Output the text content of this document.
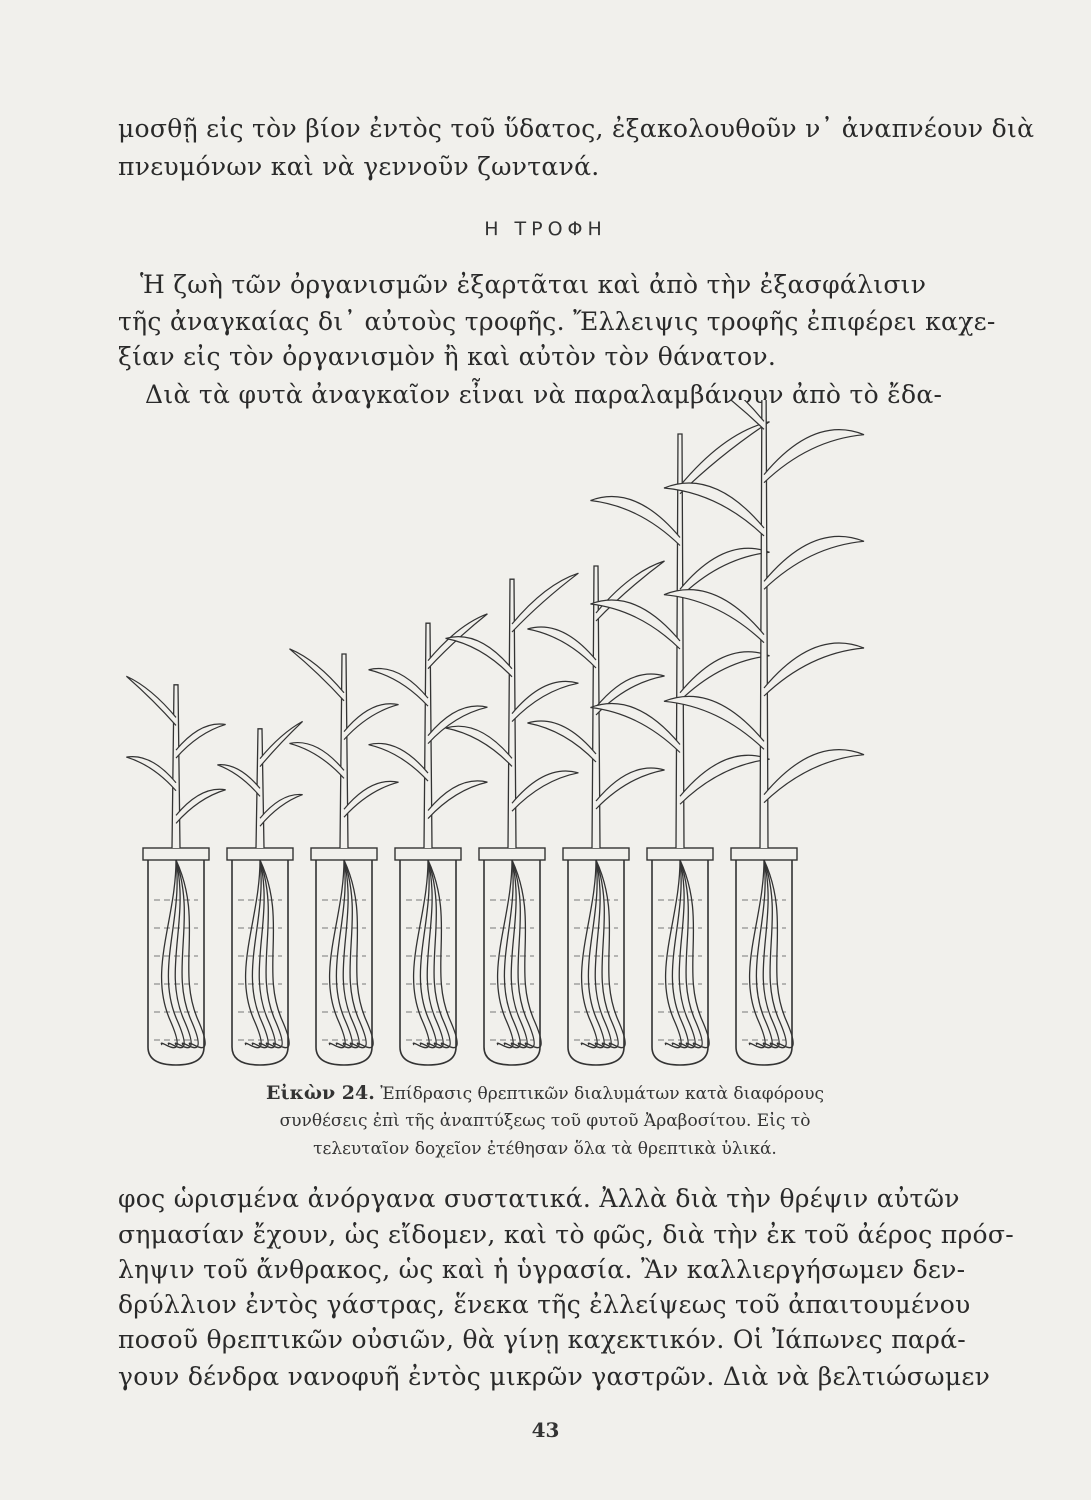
μοσθῇ εἰς τὸν βίον ἐντὸς τοῦ ὕδατος, ἐξακολουθοῦν ν᾽ ἀναπνέουν διὰ
πνευμόνων καὶ νὰ γεννοῦν ζωντανά.
Η ΤΡΟΦΗ
Ἡ ζωὴ τῶν ὀργανισμῶν ἐξαρτᾶται καὶ ἀπὸ τὴν ἐξασφάλισιν
τῆς ἀναγκαίας δι᾽ αὐτοὺς τροφῆς. Ἔλλειψις τροφῆς ἐπιφέρει καχε-
ξίαν εἰς τὸν ὀργανισμὸν ἢ καὶ αὐτὸν τὸν θάνατον.
Διὰ τὰ φυτὰ ἀναγκαῖον εἶναι νὰ παραλαμβάνουν ἀπὸ τὸ ἔδα-
Εἰκὼν 24. Ἐπίδρασις θρεπτικῶν διαλυμάτων κατὰ διαφόρους
συνθέσεις ἐπὶ τῆς ἀναπτύξεως τοῦ φυτοῦ Ἀραβοσίτου. Εἰς τὸ
τελευταῖον δοχεῖον ἐτέθησαν ὅλα τὰ θρεπτικὰ ὑλικά.
φος ὡρισμένα ἀνόργανα συστατικά. Ἀλλὰ διὰ τὴν θρέψιν αὐτῶν
σημασίαν ἔχουν, ὡς εἴδομεν, καὶ τὸ φῶς, διὰ τὴν ἐκ τοῦ ἀέρος πρόσ-
ληψιν τοῦ ἄνθρακος, ὡς καὶ ἡ ὑγρασία. Ἂν καλλιεργήσωμεν δεν-
δρύλλιον ἐντὸς γάστρας, ἕνεκα τῆς ἐλλείψεως τοῦ ἀπαιτουμένου
ποσοῦ θρεπτικῶν οὐσιῶν, θὰ γίνῃ καχεκτικόν. Οἱ Ἰάπωνες παρά-
γουν δένδρα νανοφυῆ ἐντὸς μικρῶν γαστρῶν. Διὰ νὰ βελτιώσωμεν
43
